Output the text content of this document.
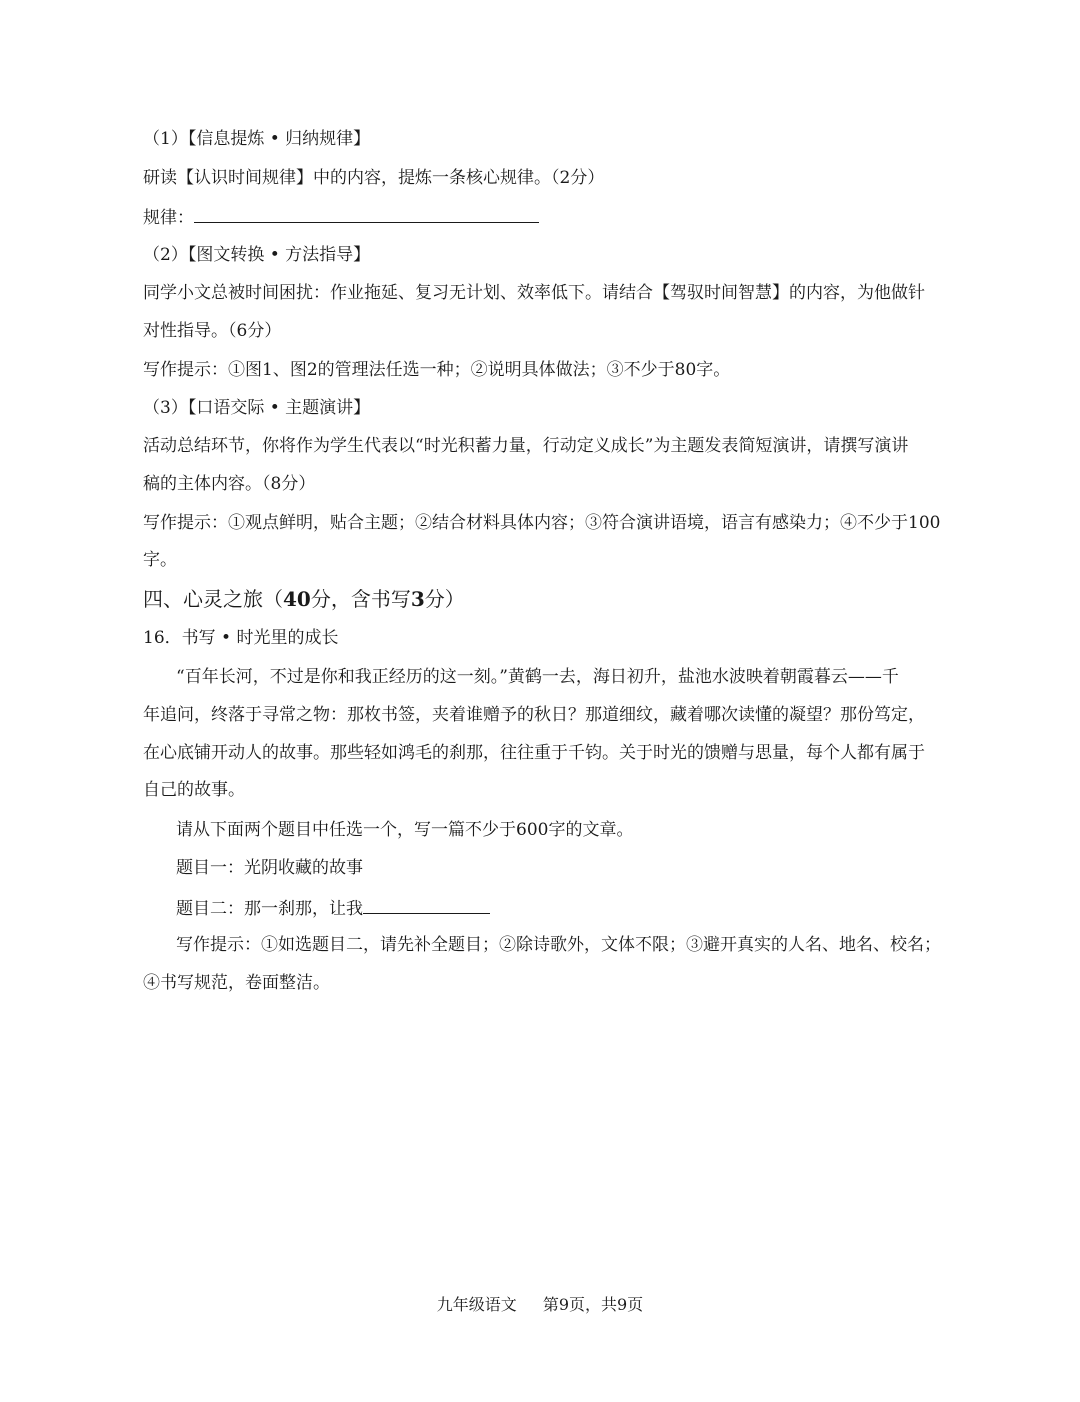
（1）【信息提炼 • 归纳规律】
研读【认识时间规律】中的内容，提炼一条核心规律。（2分）
规律：
（2）【图文转换 • 方法指导】
同学小文总被时间困扰：作业拖延、复习无计划、效率低下。请结合【驾驭时间智慧】的内容，为他做针
对性指导。（6分）
写作提示：①图1、图2的管理法任选一种；②说明具体做法；③不少于80字。
（3）【口语交际 • 主题演讲】
活动总结环节，你将作为学生代表以“时光积蓄力量，行动定义成长”为主题发表简短演讲，请撰写演讲
稿的主体内容。（8分）
写作提示：①观点鲜明，贴合主题；②结合材料具体内容；③符合演讲语境，语言有感染力；④不少于100
字。
四、心灵之旅（40分，含书写3分）
16．书写 • 时光里的成长
“百年长河，不过是你和我正经历的这一刻。”黄鹤一去，海日初升，盐池水波映着朝霞暮云——千
年追问，终落于寻常之物：那枚书签，夹着谁赠予的秋日？那道细纹，藏着哪次读懂的凝望？那份笃定，
在心底铺开动人的故事。那些轻如鸿毛的刹那，往往重于千钧。关于时光的馈赠与思量，每个人都有属于
自己的故事。
请从下面两个题目中任选一个，写一篇不少于600字的文章。
题目一：光阴收藏的故事
题目二：那一刹那，让我
写作提示：①如选题目二，请先补全题目；②除诗歌外，文体不限；③避开真实的人名、地名、校名；
④书写规范，卷面整洁。
九年级语文 第9页，共9页
